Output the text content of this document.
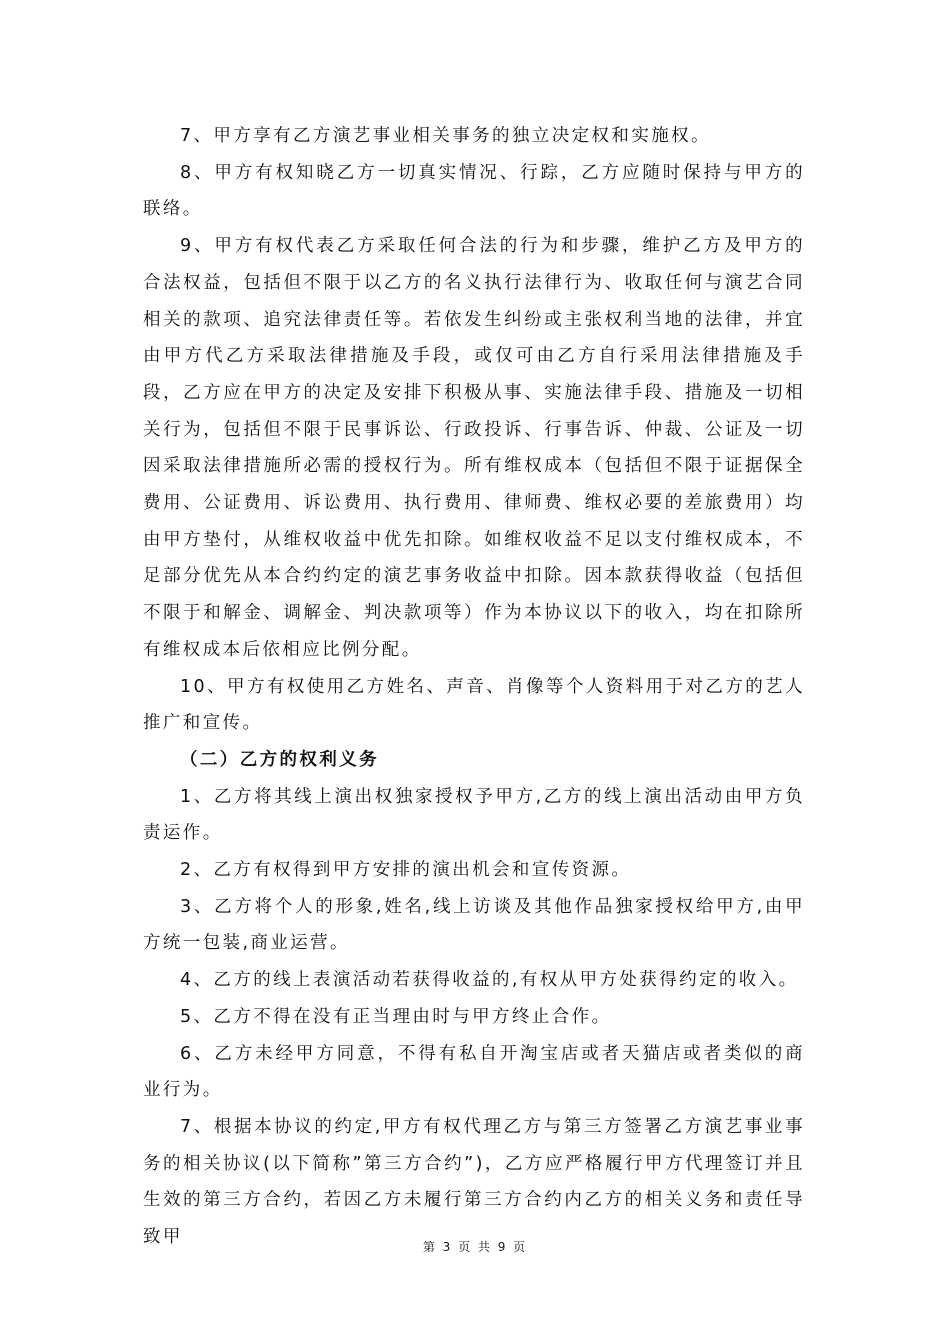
7、甲方享有乙方演艺事业相关事务的独立决定权和实施权。

8、甲方有权知晓乙方一切真实情况、行踪，乙方应随时保持与甲方的联络。

9、甲方有权代表乙方采取任何合法的行为和步骤，维护乙方及甲方的合法权益，包括但不限于以乙方的名义执行法律行为、收取任何与演艺合同相关的款项、追究法律责任等。若依发生纠纷或主张权利当地的法律，并宜由甲方代乙方采取法律措施及手段，或仅可由乙方自行采用法律措施及手段，乙方应在甲方的决定及安排下积极从事、实施法律手段、措施及一切相关行为，包括但不限于民事诉讼、行政投诉、行事告诉、仲裁、公证及一切因采取法律措施所必需的授权行为。所有维权成本（包括但不限于证据保全费用、公证费用、诉讼费用、执行费用、律师费、维权必要的差旅费用）均由甲方垫付，从维权收益中优先扣除。如维权收益不足以支付维权成本，不足部分优先从本合约约定的演艺事务收益中扣除。因本款获得收益（包括但不限于和解金、调解金、判决款项等）作为本协议以下的收入，均在扣除所有维权成本后依相应比例分配。

10、甲方有权使用乙方姓名、声音、肖像等个人资料用于对乙方的艺人推广和宣传。

（二）乙方的权利义务

1、乙方将其线上演出权独家授权予甲方,乙方的线上演出活动由甲方负责运作。

2、乙方有权得到甲方安排的演出机会和宣传资源。

3、乙方将个人的形象,姓名,线上访谈及其他作品独家授权给甲方,由甲方统一包装,商业运营。

4、乙方的线上表演活动若获得收益的,有权从甲方处获得约定的收入。

5、乙方不得在没有正当理由时与甲方终止合作。

6、乙方未经甲方同意，不得有私自开淘宝店或者天猫店或者类似的商业行为。

7、根据本协议的约定,甲方有权代理乙方与第三方签署乙方演艺事业事务的相关协议(以下简称”第三方合约”)，乙方应严格履行甲方代理签订并且生效的第三方合约，若因乙方未履行第三方合约内乙方的相关义务和责任导致甲	第 3 页 共 9 页
